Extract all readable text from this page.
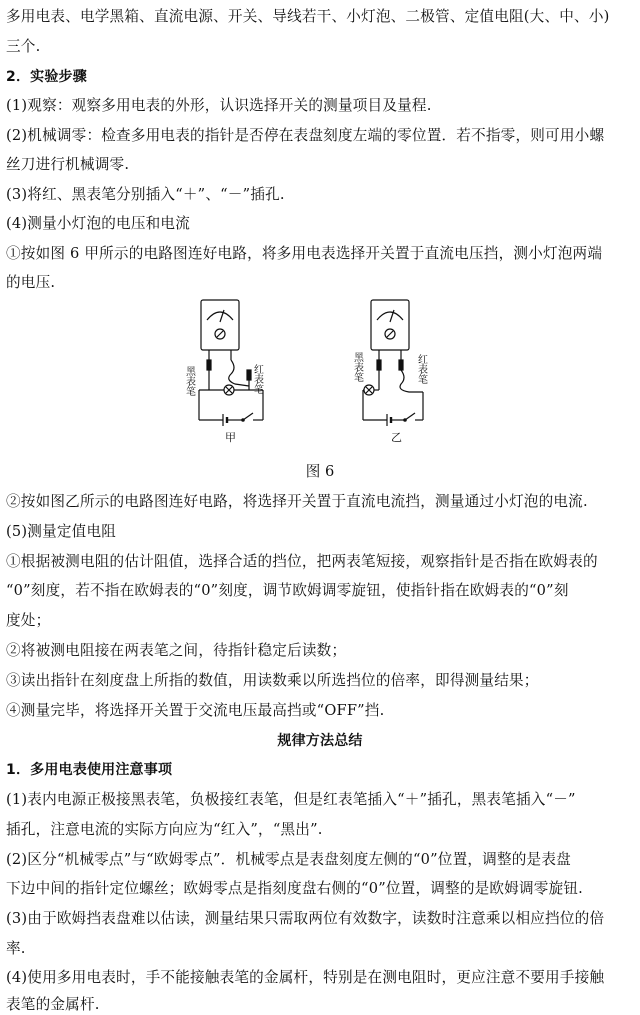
多用电表、电学黑箱、直流电源、开关、导线若干、小灯泡、二极管、定值电阻(大、中、小)
三个.
2．实验步骤
(1)观察：观察多用电表的外形，认识选择开关的测量项目及量程.
(2)机械调零：检查多用电表的指针是否停在表盘刻度左端的零位置．若不指零，则可用小螺
丝刀进行机械调零.
(3)将红、黑表笔分别插入“＋”、“－”插孔.
(4)测量小灯泡的电压和电流
①按如图 6 甲所示的电路图连好电路，将多用电表选择开关置于直流电压挡，测小灯泡两端
的电压.
黑表笔	红表笔
甲
黑表笔	红表笔
乙
图 6
②按如图乙所示的电路图连好电路，将选择开关置于直流电流挡，测量通过小灯泡的电流.
(5)测量定值电阻
①根据被测电阻的估计阻值，选择合适的挡位，把两表笔短接，观察指针是否指在欧姆表的
“0”刻度，若不指在欧姆表的“0”刻度，调节欧姆调零旋钮，使指针指在欧姆表的“0”刻
度处；
②将被测电阻接在两表笔之间，待指针稳定后读数；
③读出指针在刻度盘上所指的数值，用读数乘以所选挡位的倍率，即得测量结果；
④测量完毕，将选择开关置于交流电压最高挡或“OFF”挡.
规律方法总结
1．多用电表使用注意事项
(1)表内电源正极接黑表笔，负极接红表笔，但是红表笔插入“＋”插孔，黑表笔插入“－”
插孔，注意电流的实际方向应为“红入”，“黑出”.
(2)区分“机械零点”与“欧姆零点”．机械零点是表盘刻度左侧的“0”位置，调整的是表盘
下边中间的指针定位螺丝；欧姆零点是指刻度盘右侧的“0”位置，调整的是欧姆调零旋钮.
(3)由于欧姆挡表盘难以估读，测量结果只需取两位有效数字，读数时注意乘以相应挡位的倍
率.
(4)使用多用电表时，手不能接触表笔的金属杆，特别是在测电阻时，更应注意不要用手接触
表笔的金属杆.
